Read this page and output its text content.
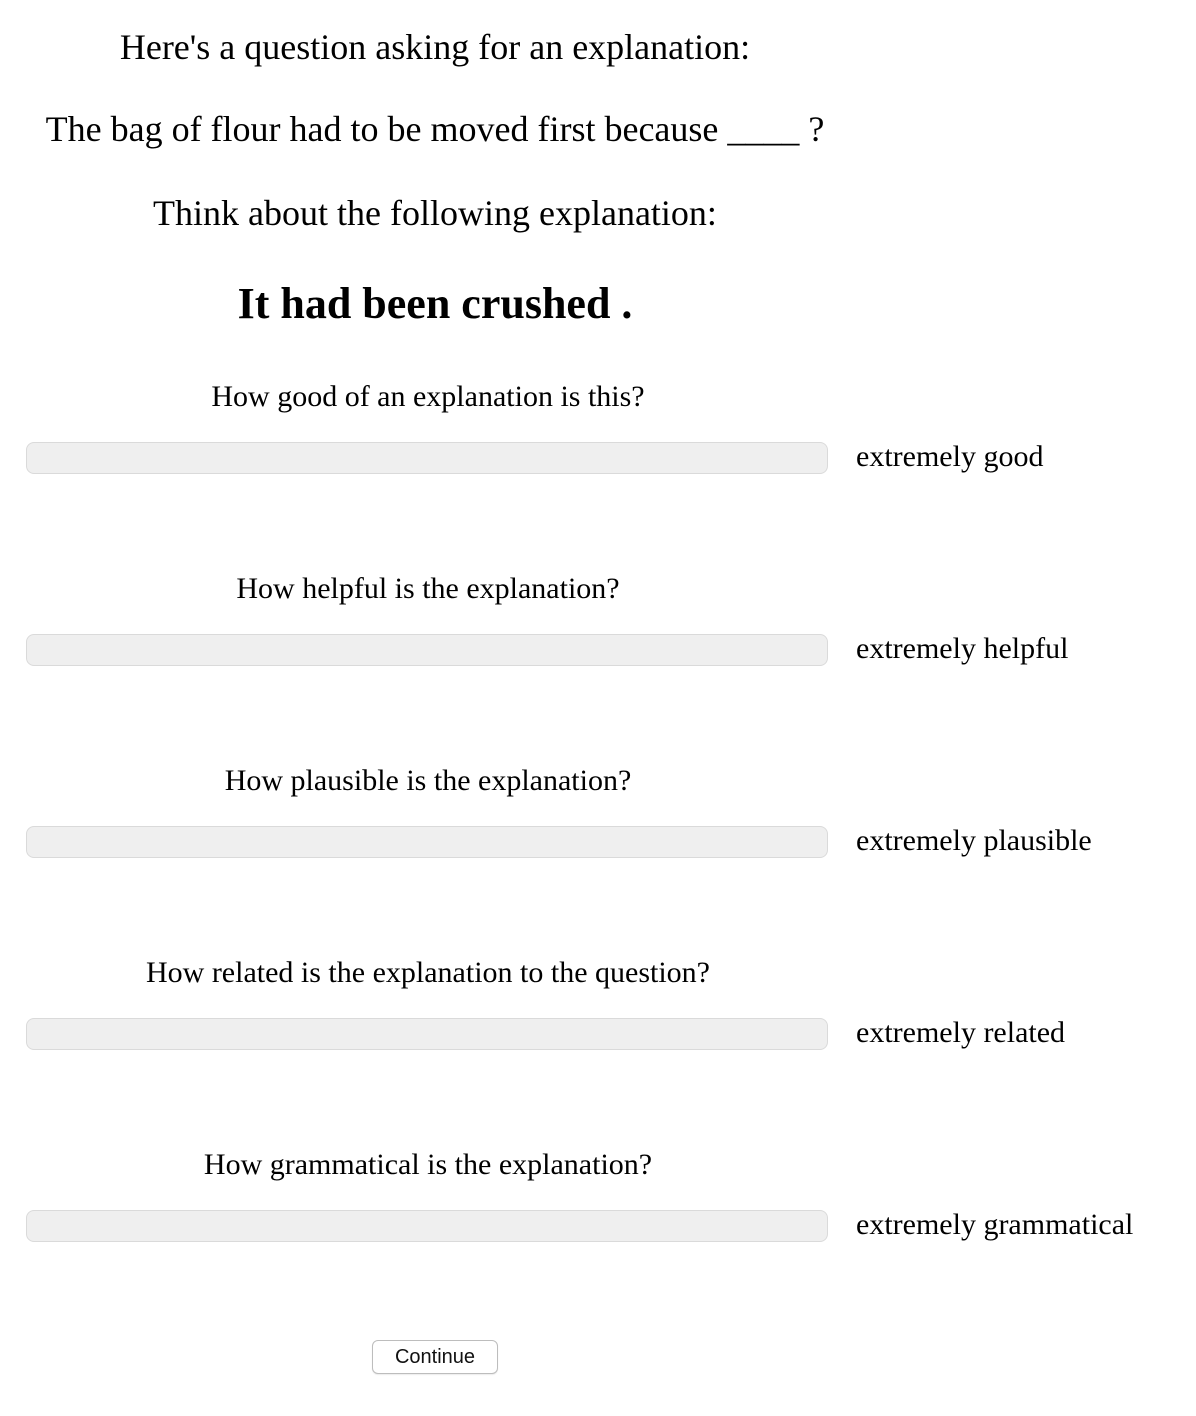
Here's a question asking for an explanation:
The bag of flour had to be moved first because ____ ?
Think about the following explanation:
It had been crushed .
How good of an explanation is this?
extremely good
How helpful is the explanation?
extremely helpful
How plausible is the explanation?
extremely plausible
How related is the explanation to the question?
extremely related
How grammatical is the explanation?
extremely grammatical
Continue
